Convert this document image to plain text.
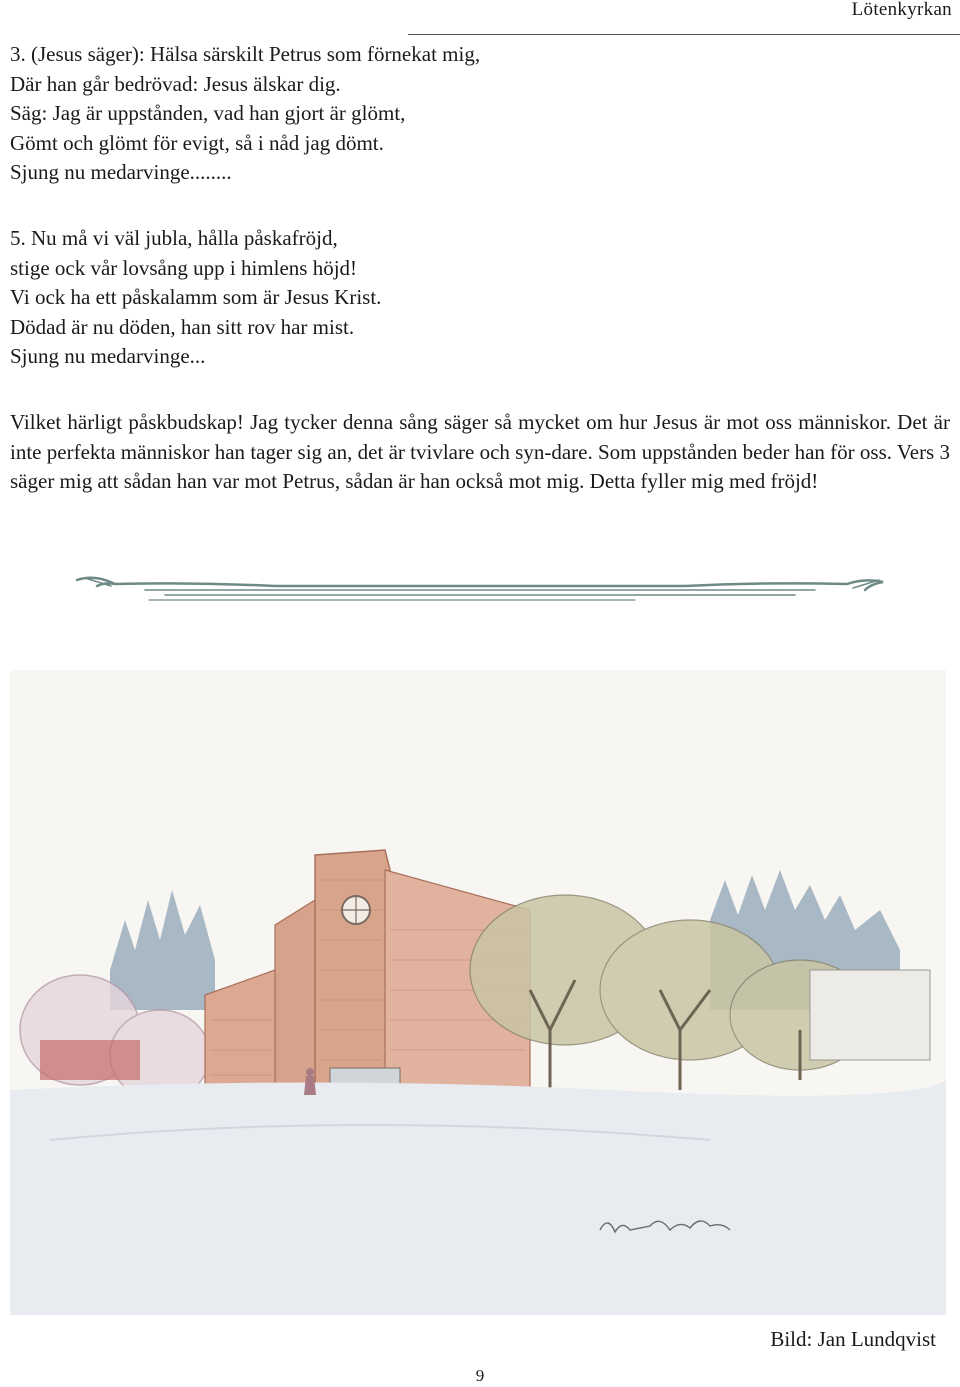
Lötenkyrkan
3. (Jesus säger): Hälsa särskilt Petrus som förnekat mig,
Där han går bedrövad: Jesus älskar dig.
Säg: Jag är uppstånden, vad han gjort är glömt,
Gömt och glömt för evigt, så i nåd jag dömt.
Sjung nu medarvinge........
5. Nu må vi väl jubla, hålla påskafröjd,
stige ock vår lovsång upp i himlens höjd!
Vi ock ha ett påskalamm som är Jesus Krist.
Dödad är nu döden, han sitt rov har mist.
Sjung nu medarvinge...

Vilket härligt påskbudskap! Jag tycker denna sång säger så mycket om hur Jesus är mot oss människor. Det är inte perfekta människor han tager sig an, det är tvivlare och syn-dare. Som uppstånden beder han för oss. Vers 3 säger mig att sådan han var mot Petrus, sådan är han också mot mig. Detta fyller mig med fröjd!

Bild: Jan Lundqvist
9
